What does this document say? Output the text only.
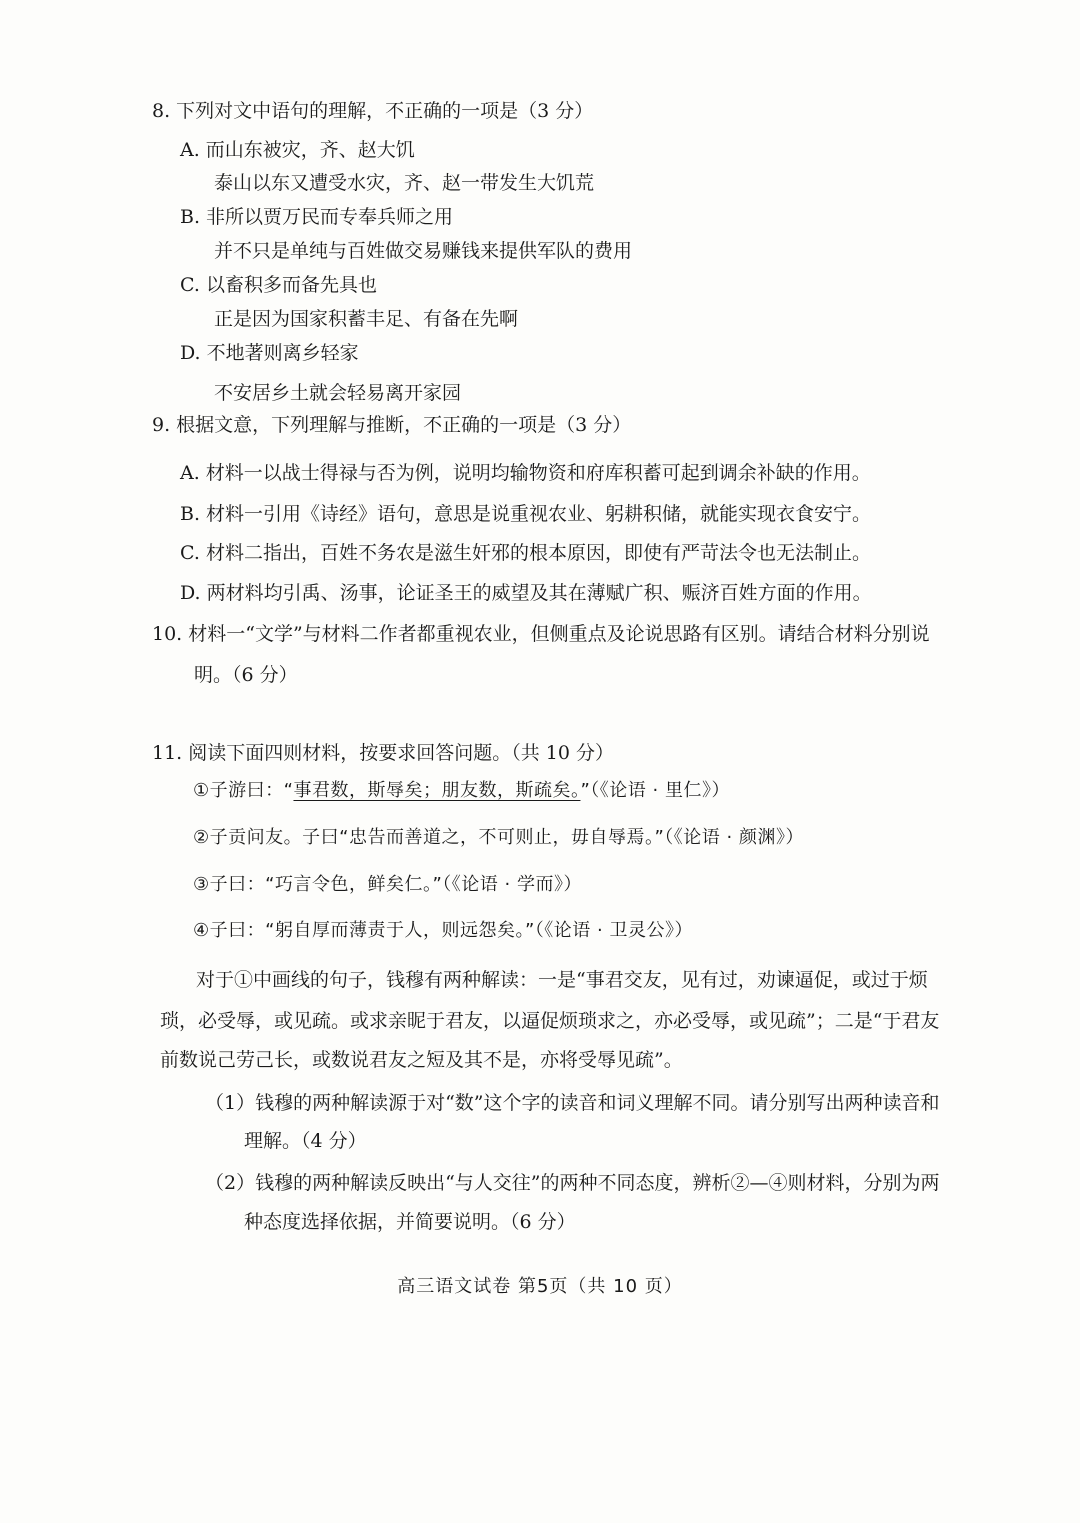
8. 下列对文中语句的理解，不正确的一项是（3 分）
A. 而山东被灾，齐、赵大饥
泰山以东又遭受水灾，齐、赵一带发生大饥荒
B. 非所以贾万民而专奉兵师之用
并不只是单纯与百姓做交易赚钱来提供军队的费用
C. 以畜积多而备先具也
正是因为国家积蓄丰足、有备在先啊
D. 不地著则离乡轻家
不安居乡土就会轻易离开家园
9. 根据文意，下列理解与推断，不正确的一项是（3 分）
A. 材料一以战士得禄与否为例，说明均输物资和府库积蓄可起到调余补缺的作用。
B. 材料一引用《诗经》语句，意思是说重视农业、躬耕积储，就能实现衣食安宁。
C. 材料二指出，百姓不务农是滋生奸邪的根本原因，即使有严苛法令也无法制止。
D. 两材料均引禹、汤事，论证圣王的威望及其在薄赋广积、赈济百姓方面的作用。
10. 材料一“文学”与材料二作者都重视农业，但侧重点及论说思路有区别。请结合材料分别说
明。（6 分）
11. 阅读下面四则材料，按要求回答问题。（共 10 分）
①子游曰：“事君数，斯辱矣；朋友数，斯疏矣。”（《论语 · 里仁》）
②子贡问友。子曰“忠告而善道之，不可则止，毋自辱焉。”（《论语 · 颜渊》）
③子曰：“巧言令色，鲜矣仁。”（《论语 · 学而》）
④子曰：“躬自厚而薄责于人，则远怨矣。”（《论语 · 卫灵公》）
对于①中画线的句子，钱穆有两种解读：一是“事君交友，见有过，劝谏逼促，或过于烦
琐，必受辱，或见疏。或求亲昵于君友，以逼促烦琐求之，亦必受辱，或见疏”；二是“于君友
前数说己劳己长，或数说君友之短及其不是，亦将受辱见疏”。
（1）钱穆的两种解读源于对“数”这个字的读音和词义理解不同。请分别写出两种读音和
理解。（4 分）
（2）钱穆的两种解读反映出“与人交往”的两种不同态度，辨析②—④则材料，分别为两
种态度选择依据，并简要说明。（6 分）
高三语文试卷 第5页（共 10 页）
